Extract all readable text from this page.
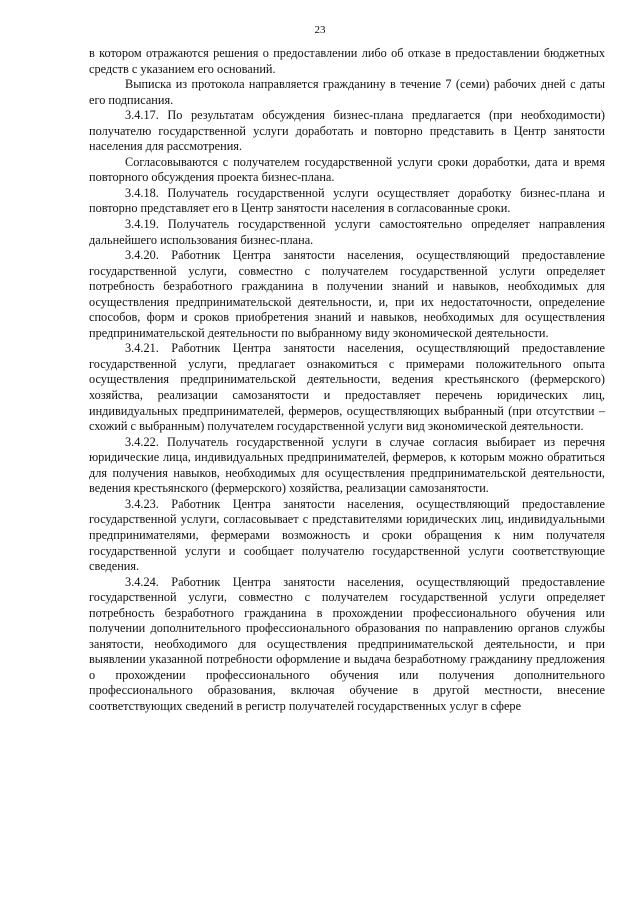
23

в котором отражаются решения о предоставлении либо об отказе в предоставлении бюджетных средств с указанием его оснований.

Выписка из протокола направляется гражданину в течение 7 (семи) рабочих дней с даты его подписания.

3.4.17. По результатам обсуждения бизнес-плана предлагается (при необходимости) получателю государственной услуги доработать и повторно представить в Центр занятости населения для рассмотрения.

Согласовываются с получателем государственной услуги сроки доработки, дата и время повторного обсуждения проекта бизнес-плана.

3.4.18. Получатель государственной услуги осуществляет доработку бизнес-плана и повторно представляет его в Центр занятости населения в согласованные сроки.

3.4.19. Получатель государственной услуги самостоятельно определяет направления дальнейшего использования бизнес-плана.

3.4.20. Работник Центра занятости населения, осуществляющий предоставление государственной услуги, совместно с получателем государственной услуги определяет потребность безработного гражданина в получении знаний и навыков, необходимых для осуществления предпринимательской деятельности, и, при их недостаточности, определение способов, форм и сроков приобретения знаний и навыков, необходимых для осуществления предпринимательской деятельности по выбранному виду экономической деятельности.

3.4.21. Работник Центра занятости населения, осуществляющий предоставление государственной услуги, предлагает ознакомиться с примерами положительного опыта осуществления предпринимательской деятельности, ведения крестьянского (фермерского) хозяйства, реализации самозанятости и предоставляет перечень юридических лиц, индивидуальных предпринимателей, фермеров, осуществляющих выбранный (при отсутствии – схожий с выбранным) получателем государственной услуги вид экономической деятельности.

3.4.22. Получатель государственной услуги в случае согласия выбирает из перечня юридические лица, индивидуальных предпринимателей, фермеров, к которым можно обратиться для получения навыков, необходимых для осуществления предпринимательской деятельности, ведения крестьянского (фермерского) хозяйства, реализации самозанятости.

3.4.23. Работник Центра занятости населения, осуществляющий предоставление государственной услуги, согласовывает с представителями юридических лиц, индивидуальными предпринимателями, фермерами возможность и сроки обращения к ним получателя государственной услуги и сообщает получателю государственной услуги соответствующие сведения.

3.4.24. Работник Центра занятости населения, осуществляющий предоставление государственной услуги, совместно с получателем государственной услуги определяет потребность безработного гражданина в прохождении профессионального обучения или получении дополнительного профессионального образования по направлению органов службы занятости, необходимого для осуществления предпринимательской деятельности, и при выявлении указанной потребности оформление и выдача безработному гражданину предложения о прохождении профессионального обучения или получения дополнительного профессионального образования, включая обучение в другой местности, внесение соответствующих сведений в регистр получателей государственных услуг в сфере
